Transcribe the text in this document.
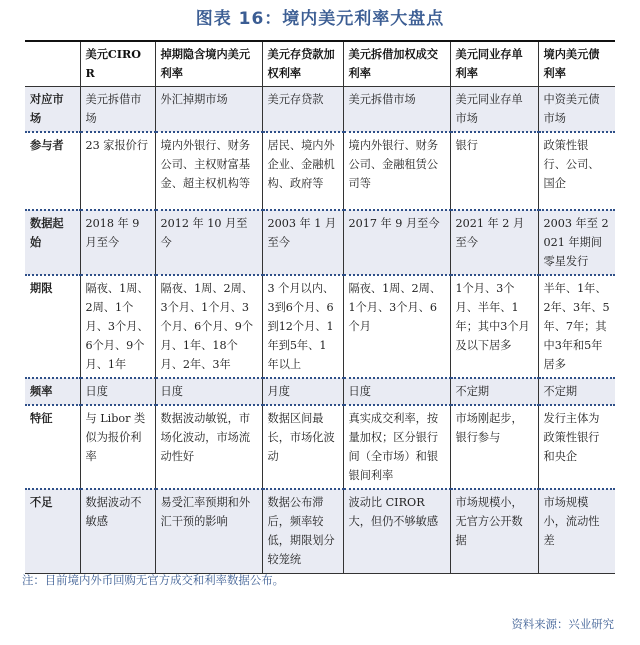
图表 16：境内美元利率大盘点
	美元CIROR	掉期隐含境内美元利率	美元存贷款加权利率	美元拆借加权成交利率	美元同业存单利率	境内美元债利率
对应市场	美元拆借市场	外汇掉期市场	美元存贷款	美元拆借市场	美元同业存单市场	中资美元债市场
参与者	23 家报价行	境内外银行、财务公司、主权财富基金、超主权机构等	居民、境内外企业、金融机构、政府等	境内外银行、财务公司、金融租赁公司等	银行	政策性银行、公司、国企
数据起始	2018 年 9 月至今	2012 年 10 月至今	2003 年 1 月至今	2017 年 9 月至今	2021 年 2 月至今	2003 年至 2021 年期间零星发行
期限	隔夜、1周、2周、1个月、3个月、6个月、9个月、1年	隔夜、1周、2周、3个月、1个月、3个月、6个月、9个月、1年、18个月、2年、3年	3 个月以内、3到6个月、6到12个月、1年到5年、1年以上	隔夜、1周、2周、1个月、3个月、6个月	1个月、3个月、半年、1年；其中3个月及以下居多	半年、1年、2年、3年、5年、7年；其中3年和5年居多
频率	日度	日度	月度	日度	不定期	不定期
特征	与 Libor 类似为报价利率	数据波动敏锐，市场化波动，市场流动性好	数据区间最长，市场化波动	真实成交利率，按量加权；区分银行间（全市场）和银银间利率	市场刚起步，银行参与	发行主体为政策性银行和央企
不足	数据波动不敏感	易受汇率预期和外汇干预的影响	数据公布滞后，频率较低，期限划分较笼统	波动比 CIROR 大，但仍不够敏感	市场规模小，无官方公开数据	市场规模小，流动性差
注：目前境内外币回购无官方成交和利率数据公布。
资料来源：兴业研究
